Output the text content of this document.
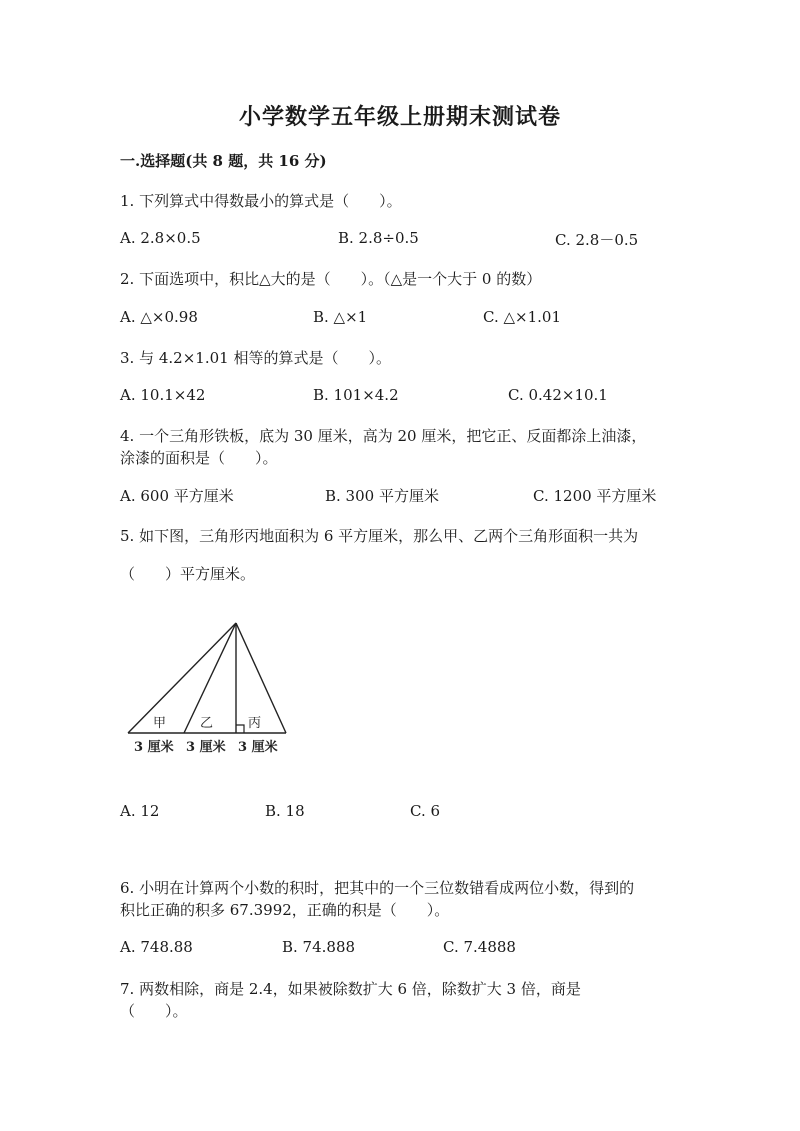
小学数学五年级上册期末测试卷
一.选择题(共 8 题，共 16 分)
1. 下列算式中得数最小的算式是（　　）。
A. 2.8×0.5	B. 2.8÷0.5	C. 2.8－0.5
2. 下面选项中，积比△大的是（　　）。（△是一个大于 0 的数）
A. △×0.98	B. △×1	C. △×1.01
3. 与 4.2×1.01 相等的算式是（　　）。
A. 10.1×42	B. 101×4.2	C. 0.42×10.1
4. 一个三角形铁板，底为 30 厘米，高为 20 厘米，把它正、反面都涂上油漆，
涂漆的面积是（　　）。
A. 600 平方厘米	B. 300 平方厘米	C. 1200 平方厘米
5. 如下图，三角形丙地面积为 6 平方厘米，那么甲、乙两个三角形面积一共为
（　　）平方厘米。
甲	乙	丙
3 厘米 3 厘米 3 厘米
A. 12	B. 18	C. 6
6. 小明在计算两个小数的积时，把其中的一个三位数错看成两位小数，得到的
积比正确的积多 67.3992，正确的积是（　　）。
A. 748.88	B. 74.888	C. 7.4888
7. 两数相除，商是 2.4，如果被除数扩大 6 倍，除数扩大 3 倍，商是
（　　）。
